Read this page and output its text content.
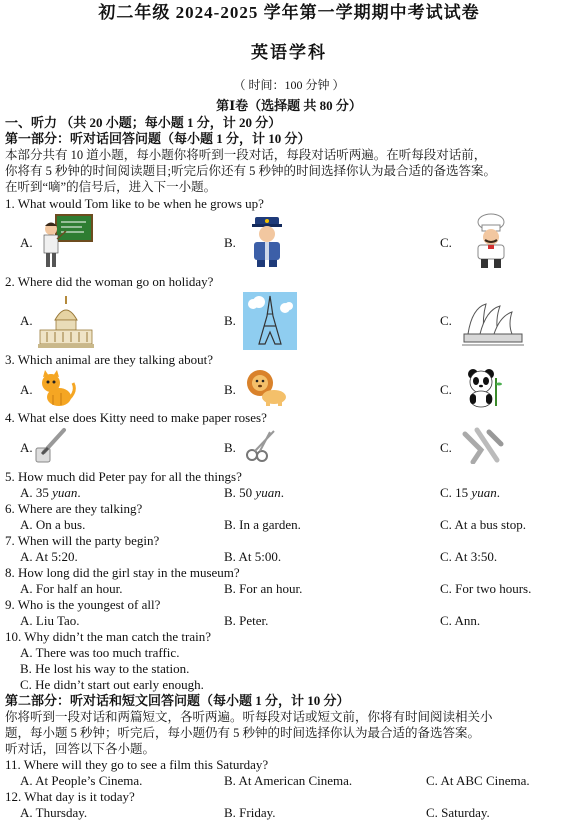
初二年级 2024-2025 学年第一学期期中考试试卷
英语学科
（ 时间：100 分钟 ）
第Ⅰ卷（选择题 共 80 分）
一、听力 （共 20 小题；每小题 1 分，计 20 分）
第一部分：听对话回答问题（每小题 1 分，计 10 分）
本部分共有 10 道小题，每小题你将听到一段对话，每段对话听两遍。在听每段对话前，
你将有 5 秒钟的时间阅读题目;听完后你还有 5 秒钟的时间选择你认为最合适的备选答案。
在听到“嘀”的信号后，进入下一小题。
1. What would Tom like to be when he grows up?
A.	B.	C.
2. Where did the woman go on holiday?
A.	B.	C.
3. Which animal are they talking about?
A.	B.	C.
4. What else does Kitty need to make paper roses?
A.	B.	C.
5. How much did Peter pay for all the things?
A. 35 yuan.	B. 50 yuan.	C. 15 yuan.
6. Where are they talking?
A. On a bus.	B. In a garden.	C. At a bus stop.
7. When will the party begin?
A. At 5:20.	B. At 5:00.	C. At 3:50.
8. How long did the girl stay in the museum?
A. For half an hour.	B. For an hour.	C. For two hours.
9. Who is the youngest of all?
A. Liu Tao.	B. Peter.	C. Ann.
10. Why didn’t the man catch the train?
A. There was too much traffic.
B. He lost his way to the station.
C. He didn’t start out early enough.
第二部分：听对话和短文回答问题（每小题 1 分，计 10 分）
你将听到一段对话和两篇短文，各听两遍。听每段对话或短文前，你将有时间阅读相关小
题，每小题 5 秒钟；听完后，每小题仍有 5 秒钟的时间选择你认为最合适的备选答案。
听对话，回答以下各小题。
11. Where will they go to see a film this Saturday?
A. At People’s Cinema.	B. At American Cinema.	C. At ABC Cinema.
12. What day is it today?
A. Thursday.	B. Friday.	C. Saturday.
